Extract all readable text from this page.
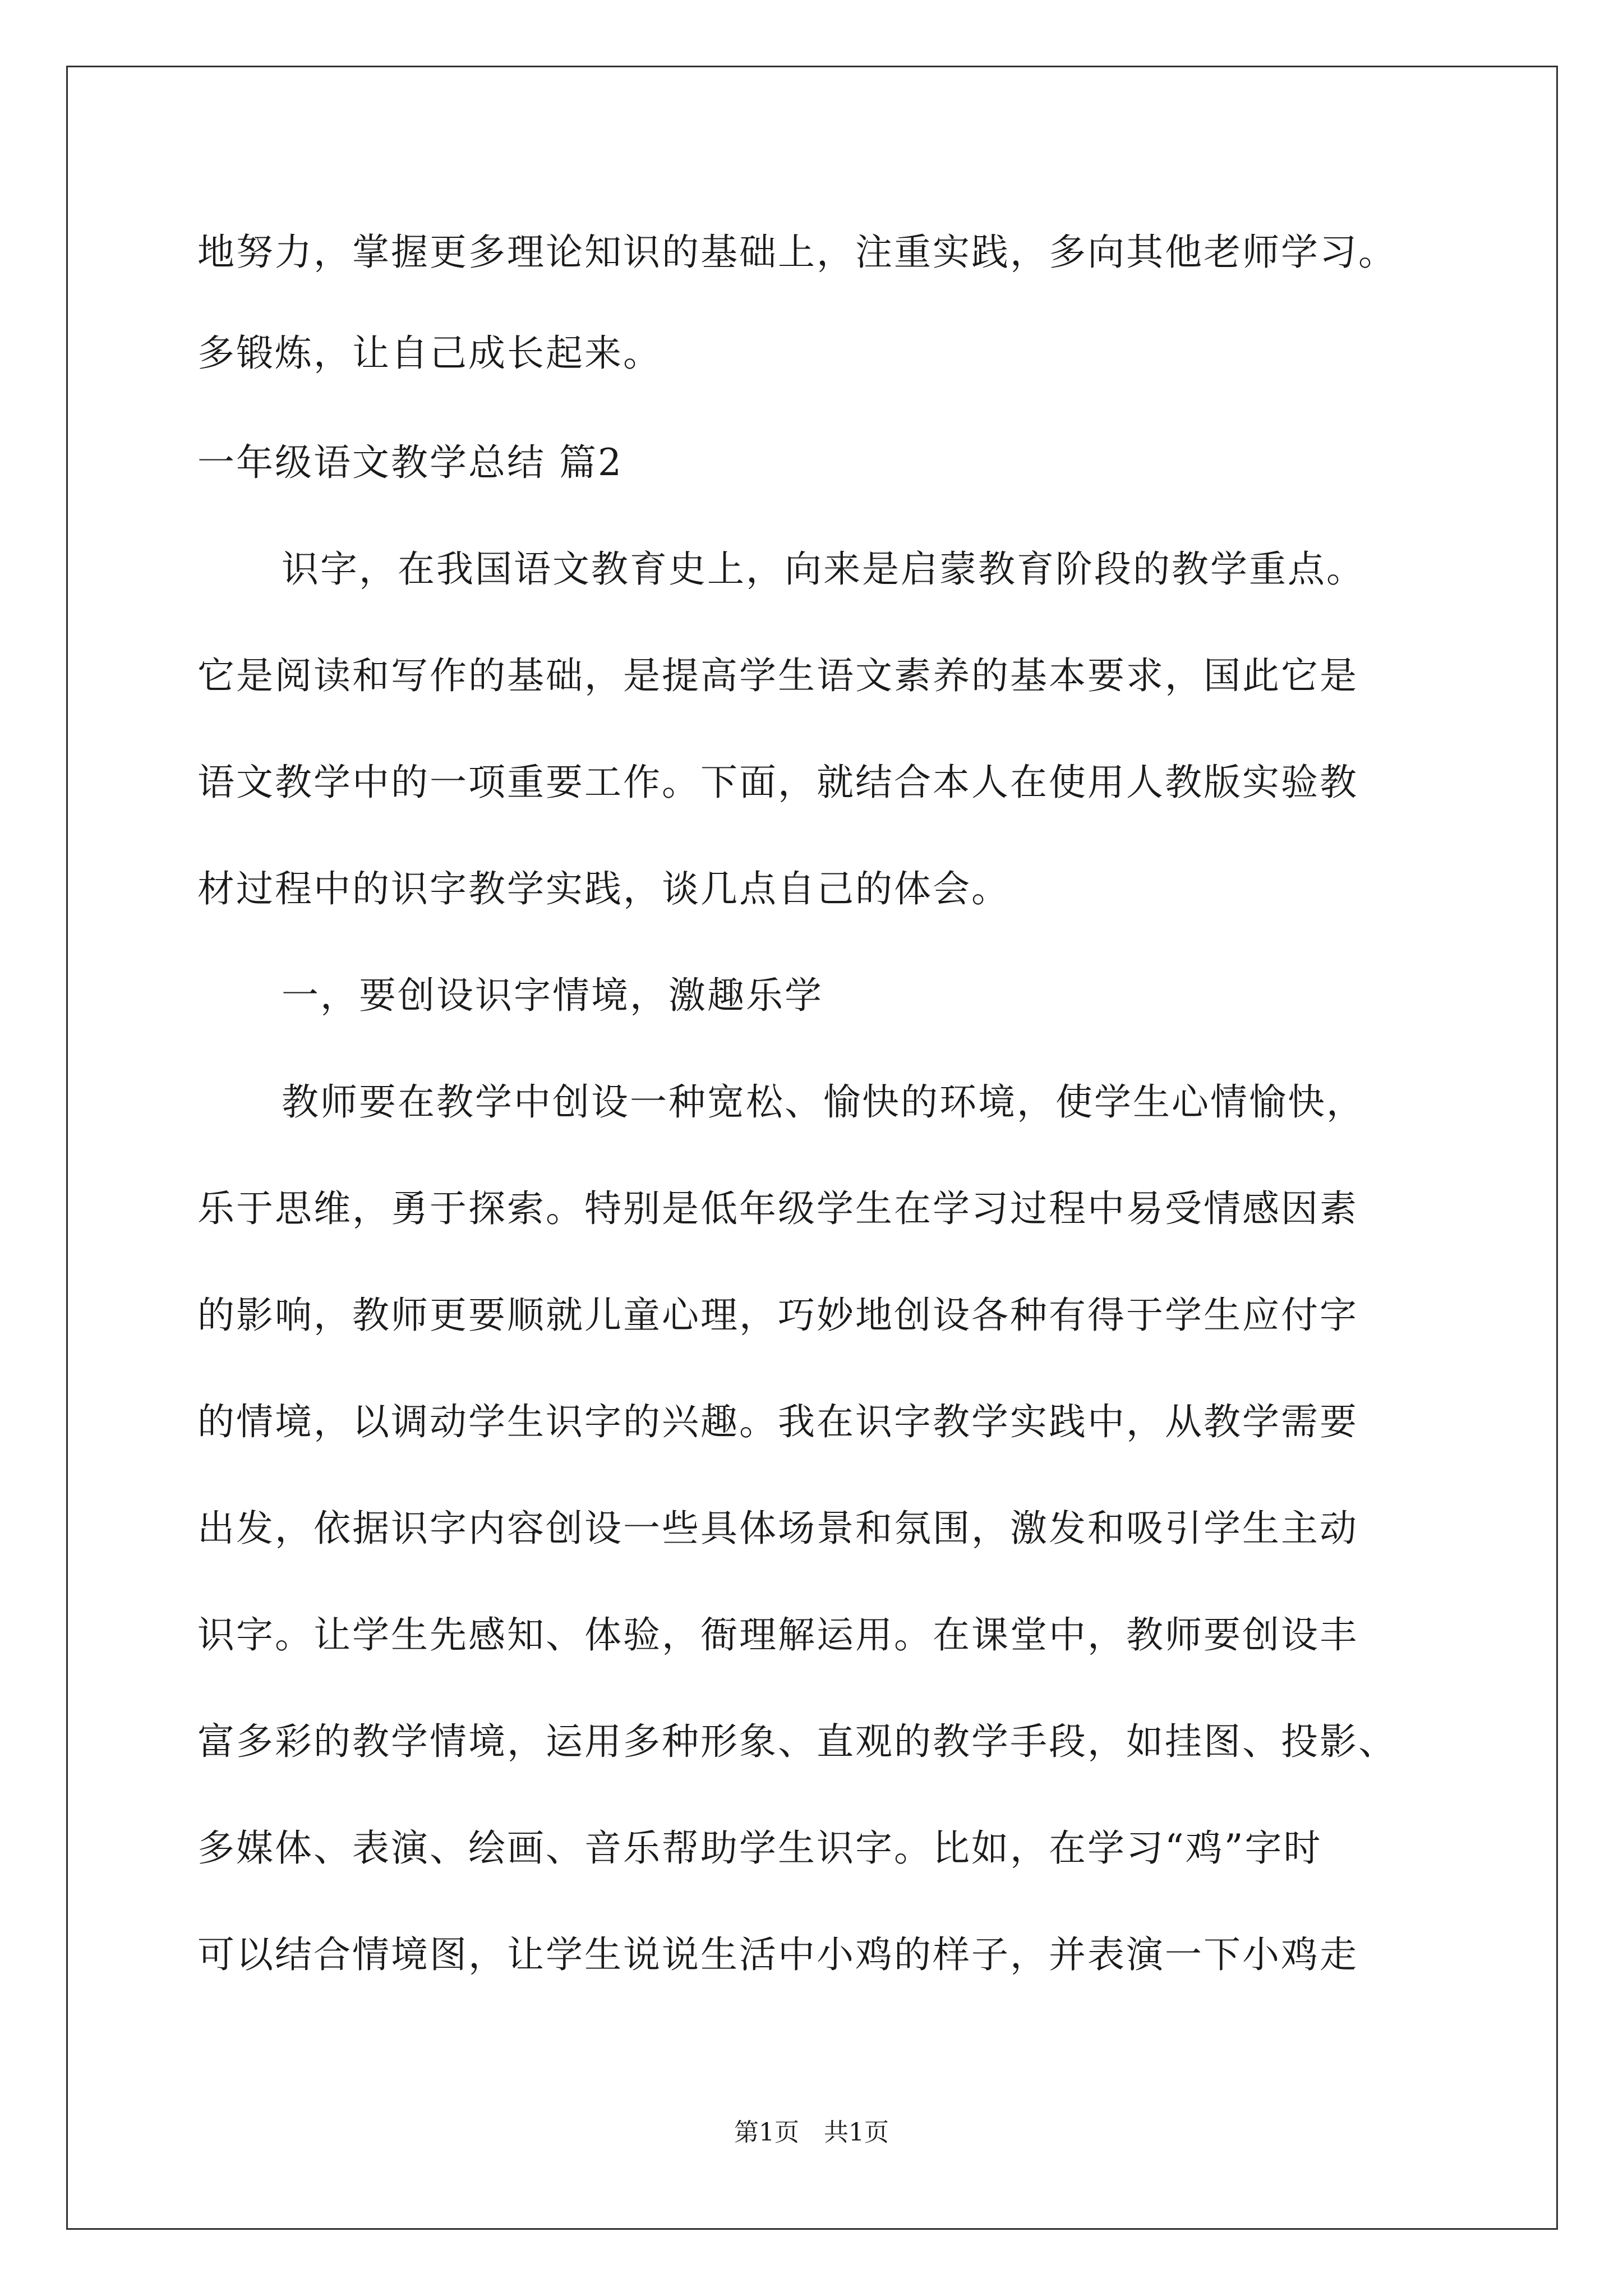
地努力，掌握更多理论知识的基础上，注重实践，多向其他老师学习。
多锻炼，让自己成长起来。
一年级语文教学总结 篇2
识字，在我国语文教育史上，向来是启蒙教育阶段的教学重点。
它是阅读和写作的基础，是提高学生语文素养的基本要求，国此它是
语文教学中的一项重要工作。下面，就结合本人在使用人教版实验教
材过程中的识字教学实践，谈几点自己的体会。
一，要创设识字情境，激趣乐学
教师要在教学中创设一种宽松、愉快的环境，使学生心情愉快，
乐于思维，勇于探索。特别是低年级学生在学习过程中易受情感因素
的影响，教师更要顺就儿童心理，巧妙地创设各种有得于学生应付字
的情境，以调动学生识字的兴趣。我在识字教学实践中，从教学需要
出发，依据识字内容创设一些具体场景和氛围，激发和吸引学生主动
识字。让学生先感知、体验，衙理解运用。在课堂中，教师要创设丰
富多彩的教学情境，运用多种形象、直观的教学手段，如挂图、投影、
多媒体、表演、绘画、音乐帮助学生识字。比如，在学习“鸡”字时
可以结合情境图，让学生说说生活中小鸡的样子，并表演一下小鸡走
第1页　共1页
